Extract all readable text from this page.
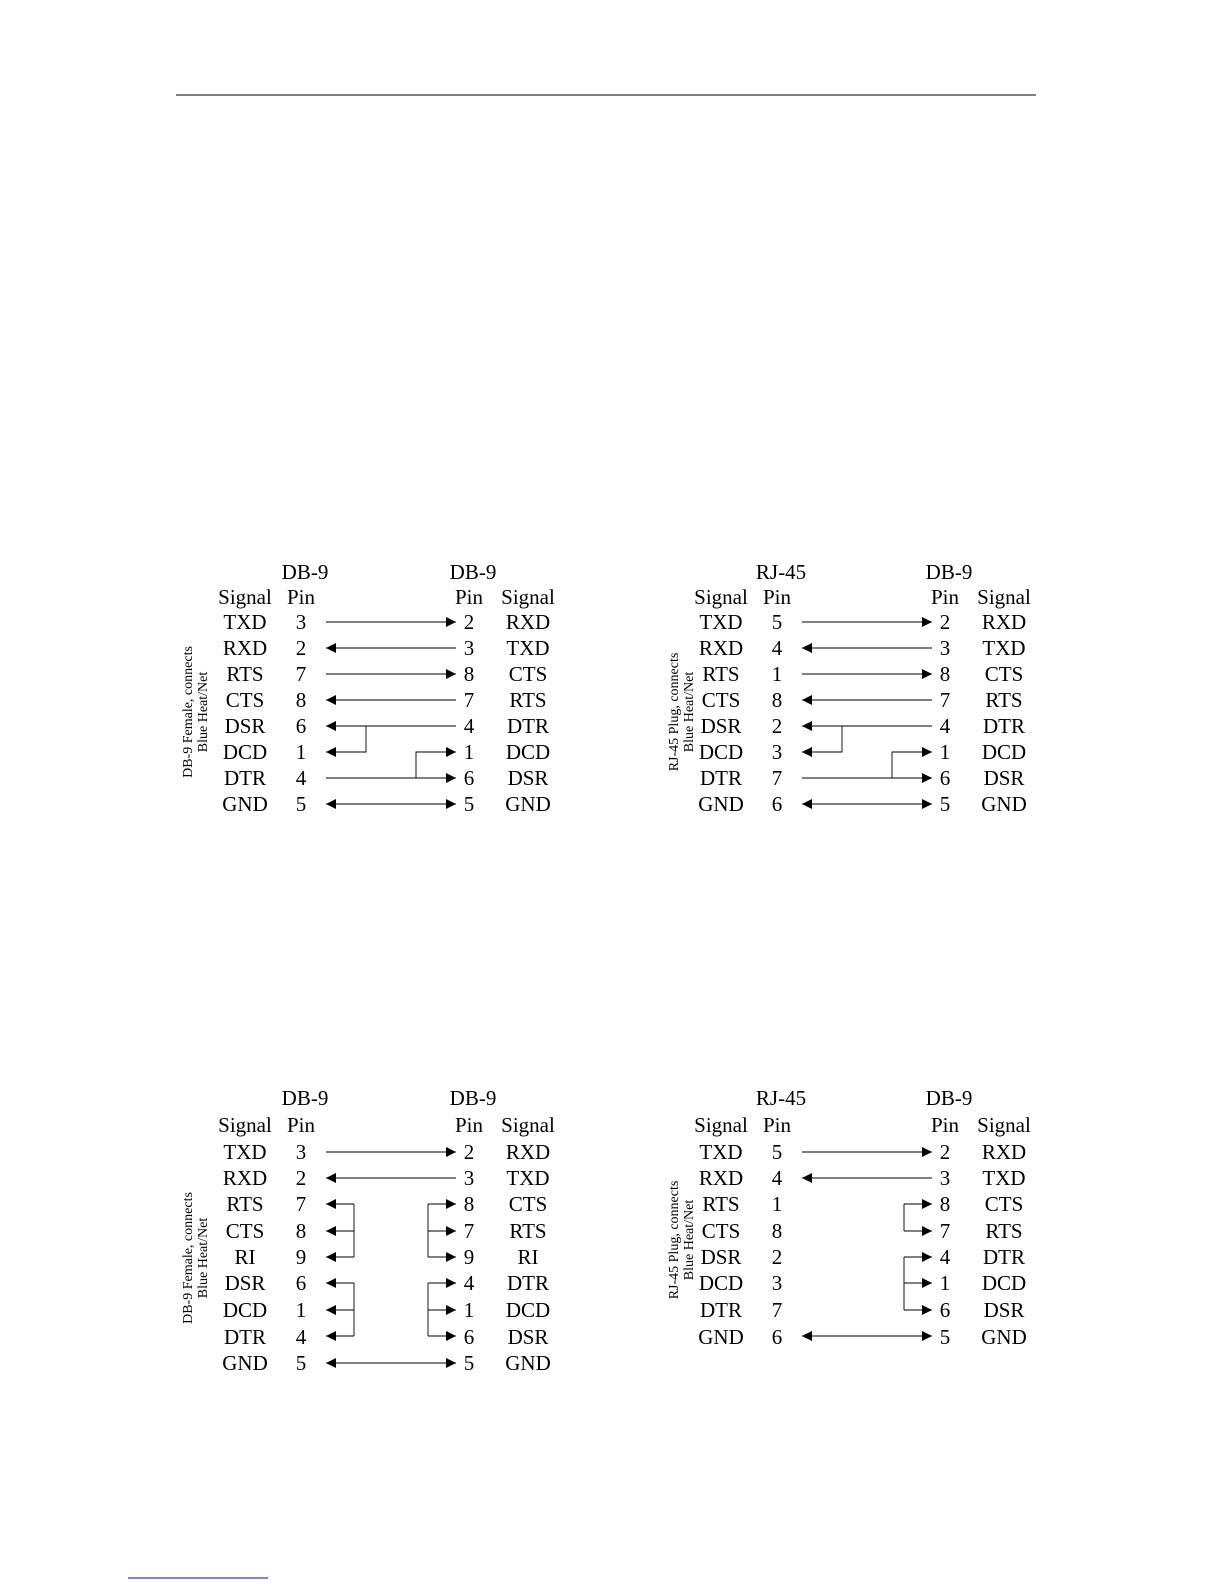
DB-9	DB-9
Signal Pin	Pin Signal
DB-9 Female, connects Blue Heat/Net
TXD 3	2 RXD
RXD 2	3 TXD
RTS 7	8 CTS
CTS 8	7 RTS
DSR 6	4 DTR
DCD 1	1 DCD
DTR 4	6 DSR
GND 5	5 GND
RJ-45	DB-9
Signal Pin	Pin Signal
RJ-45 Plug, connects Blue Heat/Net
TXD 5	2 RXD
RXD 4	3 TXD
RTS 1	8 CTS
CTS 8	7 RTS
DSR 2	4 DTR
DCD 3	1 DCD
DTR 7	6 DSR
GND 6	5 GND
DB-9	DB-9
Signal Pin	Pin Signal
DB-9 Female, connects Blue Heat/Net
TXD 3	2 RXD
RXD 2	3 TXD
RTS 7	8 CTS
CTS 8	7 RTS
RI 9	9 RI
DSR 6	4 DTR
DCD 1	1 DCD
DTR 4	6 DSR
GND 5	5 GND
RJ-45	DB-9
Signal Pin	Pin Signal
RJ-45 Plug, connects Blue Heat/Net
TXD 5	2 RXD
RXD 4	3 TXD
RTS 1	8 CTS
CTS 8	7 RTS
DSR 2	4 DTR
DCD 3	1 DCD
DTR 7	6 DSR
GND 6	5 GND
